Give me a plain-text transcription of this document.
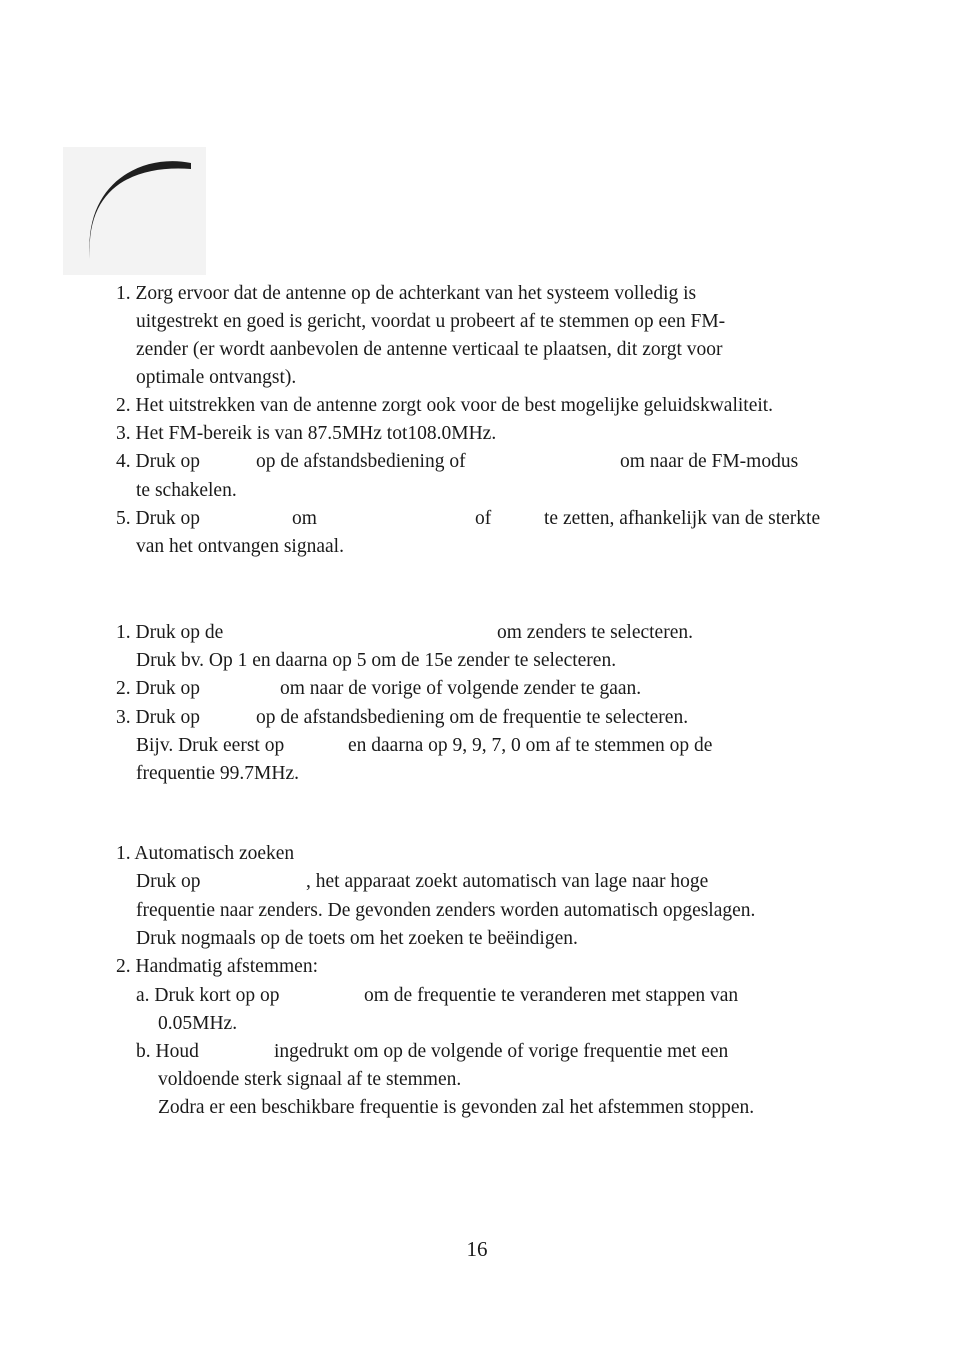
1. Zorg ervoor dat de antenne op de achterkant van het systeem volledig is
uitgestrekt en goed is gericht, voordat u probeert af te stemmen op een FM-
zender (er wordt aanbevolen de antenne verticaal te plaatsen, dit zorgt voor
optimale ontvangst).
2. Het uitstrekken van de antenne zorgt ook voor de best mogelijke geluidskwaliteit.
3. Het FM-bereik is van 87.5MHz tot108.0MHz.
4. Druk op	op de afstandsbediening of	om naar de FM-modus
te schakelen.
5. Druk op	om	of	te zetten, afhankelijk van de sterkte
van het ontvangen signaal.
1. Druk op de	om zenders te selecteren.
Druk bv. Op 1 en daarna op 5 om de 15e zender te selecteren.
2. Druk op	om naar de vorige of volgende zender te gaan.
3. Druk op	op de afstandsbediening om de frequentie te selecteren.
Bijv. Druk eerst op	en daarna op 9, 9, 7, 0 om af te stemmen op de
frequentie 99.7MHz.
1. Automatisch zoeken
Druk op	, het apparaat zoekt automatisch van lage naar hoge
frequentie naar zenders. De gevonden zenders worden automatisch opgeslagen.
Druk nogmaals op de toets om het zoeken te beëindigen.
2. Handmatig afstemmen:
a. Druk kort op op	om de frequentie te veranderen met stappen van
0.05MHz.
b. Houd	ingedrukt om op de volgende of vorige frequentie met een
voldoende sterk signaal af te stemmen.
Zodra er een beschikbare frequentie is gevonden zal het afstemmen stoppen.
16
